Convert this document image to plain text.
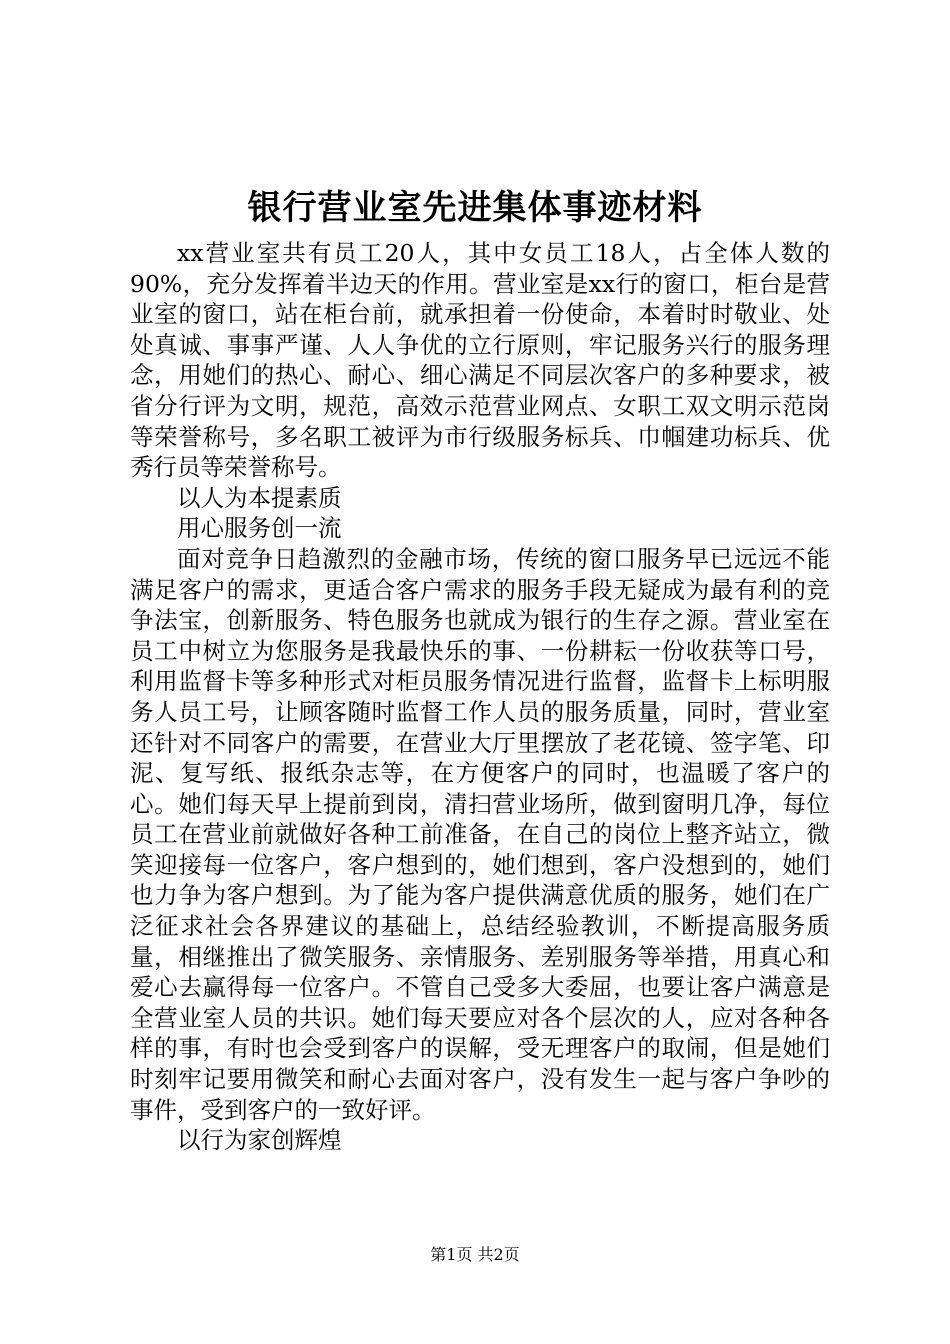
银行营业室先进集体事迹材料

xx营业室共有员工20人，其中女员工18人，占全体人数的90%，充分发挥着半边天的作用。营业室是xx行的窗口，柜台是营业室的窗口，站在柜台前，就承担着一份使命，本着时时敬业、处处真诚、事事严谨、人人争优的立行原则，牢记服务兴行的服务理念，用她们的热心、耐心、细心满足不同层次客户的多种要求，被省分行评为文明，规范，高效示范营业网点、女职工双文明示范岗等荣誉称号，多名职工被评为市行级服务标兵、巾帼建功标兵、优秀行员等荣誉称号。

以人为本提素质

用心服务创一流

面对竞争日趋激烈的金融市场，传统的窗口服务早已远远不能满足客户的需求，更适合客户需求的服务手段无疑成为最有利的竞争法宝，创新服务、特色服务也就成为银行的生存之源。营业室在员工中树立为您服务是我最快乐的事、一份耕耘一份收获等口号，利用监督卡等多种形式对柜员服务情况进行监督，监督卡上标明服务人员工号，让顾客随时监督工作人员的服务质量，同时，营业室还针对不同客户的需要，在营业大厅里摆放了老花镜、签字笔、印泥、复写纸、报纸杂志等，在方便客户的同时，也温暖了客户的心。她们每天早上提前到岗，清扫营业场所，做到窗明几净，每位员工在营业前就做好各种工前准备，在自己的岗位上整齐站立，微笑迎接每一位客户，客户想到的，她们想到，客户没想到的，她们也力争为客户想到。为了能为客户提供满意优质的服务，她们在广泛征求社会各界建议的基础上，总结经验教训，不断提高服务质量，相继推出了微笑服务、亲情服务、差别服务等举措，用真心和爱心去赢得每一位客户。不管自己受多大委屈，也要让客户满意是全营业室人员的共识。她们每天要应对各个层次的人，应对各种各样的事，有时也会受到客户的误解，受无理客户的取闹，但是她们时刻牢记要用微笑和耐心去面对客户，没有发生一起与客户争吵的事件，受到客户的一致好评。

以行为家创辉煌

第1页 共2页
